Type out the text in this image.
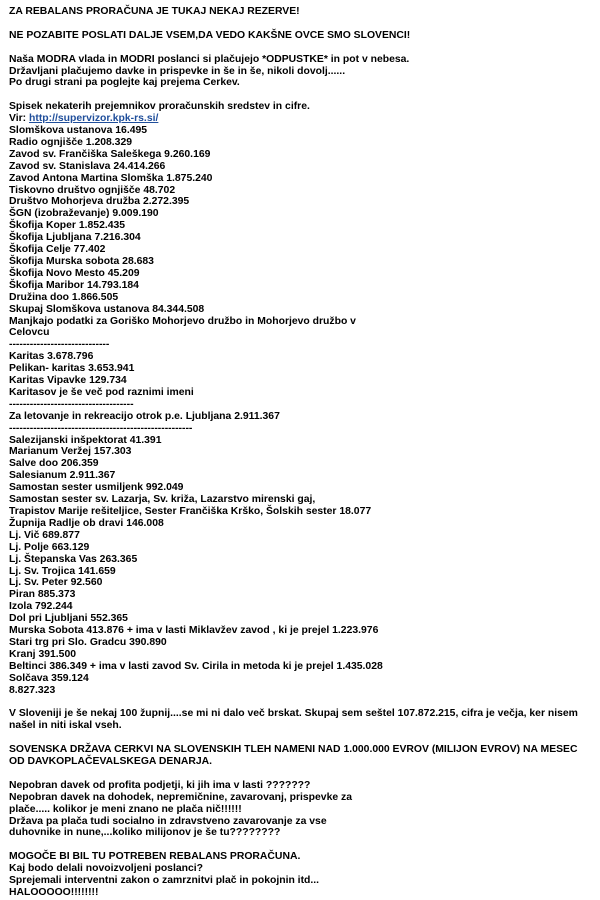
ZA REBALANS PRORAČUNA JE TUKAJ NEKAJ REZERVE!
NE POZABITE POSLATI DALJE VSEM,DA VEDO KAKŠNE OVCE SMO SLOVENCI!
Naša MODRA vlada in MODRI poslanci si plačujejo *ODPUSTKE* in pot v nebesa.
Državljani plačujemo davke in prispevke in še in še, nikoli dovolj......
Po drugi strani pa poglejte kaj prejema Cerkev.
Spisek nekaterih prejemnikov proračunskih sredstev in cifre.
Vir: http://supervizor.kpk-rs.si/
Slomškova ustanova 16.495
Radio ognjišče 1.208.329
Zavod sv. Frančiška Saleškega 9.260.169
Zavod sv. Stanislava 24.414.266
Zavod Antona Martina Slomška 1.875.240
Tiskovno društvo ognjišče 48.702
Društvo Mohorjeva družba 2.272.395
ŠGN (izobraževanje) 9.009.190
Škofija Koper 1.852.435
Škofija Ljubljana 7.216.304
Škofija Celje 77.402
Škofija Murska sobota 28.683
Škofija Novo Mesto 45.209
Škofija Maribor 14.793.184
Družina doo 1.866.505
Skupaj Slomškova ustanova 84.344.508
Manjkajo podatki za Goriško Mohorjevo družbo in Mohorjevo družbo v
Celovcu
-----------------------------
Karitas 3.678.796
Pelikan- karitas 3.653.941
Karitas Vipavke 129.734
Karitasov je še več pod raznimi imeni
------------------------------------
Za letovanje in rekreacijo otrok p.e. Ljubljana 2.911.367
-----------------------------------------------------
Salezijanski inšpektorat 41.391
Marianum Veržej 157.303
Salve doo 206.359
Salesianum 2.911.367
Samostan sester usmiljenk 992.049
Samostan sester sv. Lazarja, Sv. križa, Lazarstvo mirenski gaj,
Trapistov Marije rešiteljice, Sester Frančiška Krško, Šolskih sester 18.077
Župnija Radlje ob dravi 146.008
Lj. Vič 689.877
Lj. Polje 663.129
Lj. Štepanska Vas 263.365
Lj. Sv. Trojica 141.659
Lj. Sv. Peter 92.560
Piran 885.373
Izola 792.244
Dol pri Ljubljani 552.365
Murska Sobota 413.876 + ima v lasti Miklavžev zavod , ki je prejel 1.223.976
Stari trg pri Slo. Gradcu 390.890
Kranj 391.500
Beltinci 386.349 + ima v lasti zavod Sv. Cirila in metoda ki je prejel 1.435.028
Solčava 359.124
8.827.323
V Sloveniji je še nekaj 100 župnij....se mi ni dalo več brskat. Skupaj sem seštel 107.872.215, cifra je večja, ker nisem
našel in niti iskal vseh.
SOVENSKA DRŽAVA CERKVI NA SLOVENSKIH TLEH NAMENI NAD 1.000.000 EVROV (MILIJON EVROV) NA MESEC
OD DAVKOPLAČEVALSKEGA DENARJA.
Nepobran davek od profita podjetji, ki jih ima v lasti ???????
Nepobran davek na dohodek, nepremičnine, zavarovanj, prispevke za
plače..... kolikor je meni znano ne plača nič!!!!!!
Država pa plača tudi socialno in zdravstveno zavarovanje za vse
duhovnike in nune,...koliko milijonov je še tu????????
MOGOČE BI BIL TU POTREBEN REBALANS PRORAČUNA.
Kaj bodo delali novoizvoljeni poslanci?
Sprejemali interventni zakon o zamrznitvi plač in pokojnin itd...
HALOOOOO!!!!!!!!
